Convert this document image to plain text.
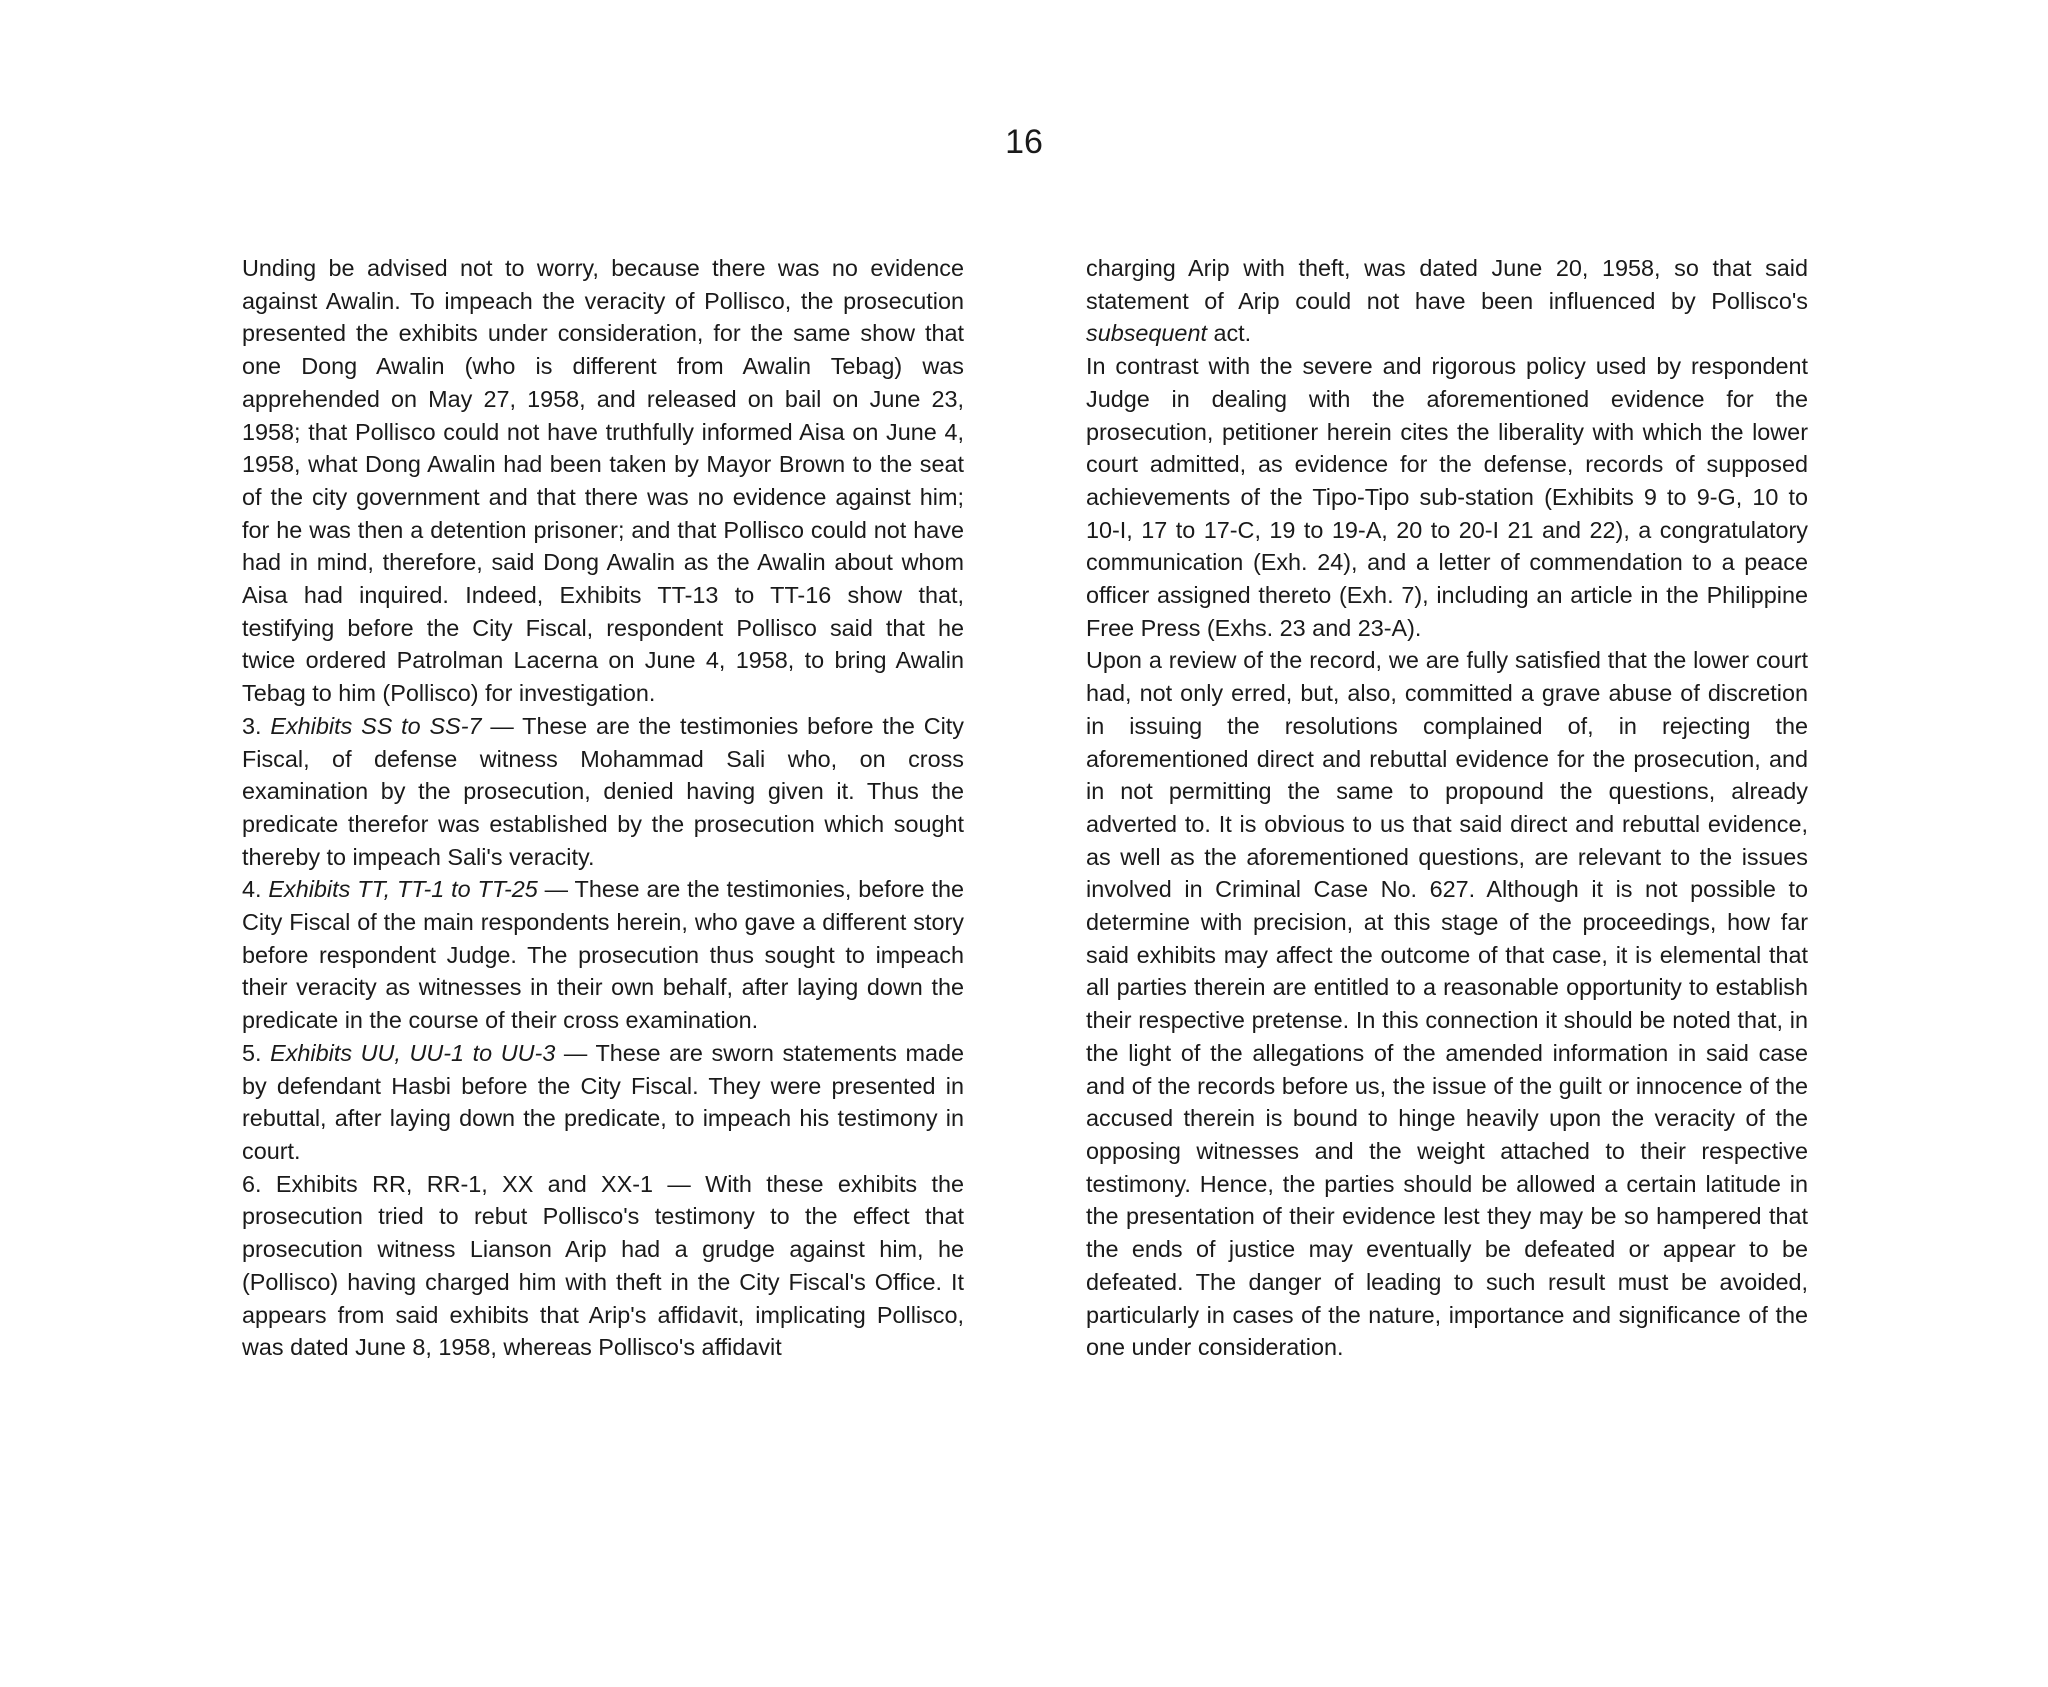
16

Unding be advised not to worry, because there was no evidence against Awalin. To impeach the veracity of Pollisco, the prosecution presented the exhibits under consideration, for the same show that one Dong Awalin (who is different from Awalin Tebag) was apprehended on May 27, 1958, and released on bail on June 23, 1958; that Pollisco could not have truthfully informed Aisa on June 4, 1958, what Dong Awalin had been taken by Mayor Brown to the seat of the city government and that there was no evidence against him; for he was then a detention prisoner; and that Pollisco could not have had in mind, therefore, said Dong Awalin as the Awalin about whom Aisa had inquired. Indeed, Exhibits TT-13 to TT-16 show that, testifying before the City Fiscal, respondent Pollisco said that he twice ordered Patrolman Lacerna on June 4, 1958, to bring Awalin Tebag to him (Pollisco) for investigation.

3. Exhibits SS to SS-7 — These are the testimonies before the City Fiscal, of defense witness Mohammad Sali who, on cross examination by the prosecution, denied having given it. Thus the predicate therefor was established by the prosecution which sought thereby to impeach Sali's veracity.

4. Exhibits TT, TT-1 to TT-25 — These are the testimonies, before the City Fiscal of the main respondents herein, who gave a different story before respondent Judge. The prosecution thus sought to impeach their veracity as witnesses in their own behalf, after laying down the predicate in the course of their cross examination.

5. Exhibits UU, UU-1 to UU-3 — These are sworn statements made by defendant Hasbi before the City Fiscal. They were presented in rebuttal, after laying down the predicate, to impeach his testimony in court.

6. Exhibits RR, RR-1, XX and XX-1 — With these exhibits the prosecution tried to rebut Pollisco's testimony to the effect that prosecution witness Lianson Arip had a grudge against him, he (Pollisco) having charged him with theft in the City Fiscal's Office. It appears from said exhibits that Arip's affidavit, implicating Pollisco, was dated June 8, 1958, whereas Pollisco's affidavit

charging Arip with theft, was dated June 20, 1958, so that said statement of Arip could not have been influenced by Pollisco's subsequent act.

In contrast with the severe and rigorous policy used by respondent Judge in dealing with the aforementioned evidence for the prosecution, petitioner herein cites the liberality with which the lower court admitted, as evidence for the defense, records of supposed achievements of the Tipo-Tipo sub-station (Exhibits 9 to 9-G, 10 to 10-I, 17 to 17-C, 19 to 19-A, 20 to 20-I 21 and 22), a congratulatory communication (Exh. 24), and a letter of commendation to a peace officer assigned thereto (Exh. 7), including an article in the Philippine Free Press (Exhs. 23 and 23-A).

Upon a review of the record, we are fully satisfied that the lower court had, not only erred, but, also, committed a grave abuse of discretion in issuing the resolutions complained of, in rejecting the aforementioned direct and rebuttal evidence for the prosecution, and in not permitting the same to propound the questions, already adverted to. It is obvious to us that said direct and rebuttal evidence, as well as the aforementioned questions, are relevant to the issues involved in Criminal Case No. 627. Although it is not possible to determine with precision, at this stage of the proceedings, how far said exhibits may affect the outcome of that case, it is elemental that all parties therein are entitled to a reasonable opportunity to establish their respective pretense. In this connection it should be noted that, in the light of the allegations of the amended information in said case and of the records before us, the issue of the guilt or innocence of the accused therein is bound to hinge heavily upon the veracity of the opposing witnesses and the weight attached to their respective testimony. Hence, the parties should be allowed a certain latitude in the presentation of their evidence lest they may be so hampered that the ends of justice may eventually be defeated or appear to be defeated. The danger of leading to such result must be avoided, particularly in cases of the nature, importance and significance of the one under consideration.
